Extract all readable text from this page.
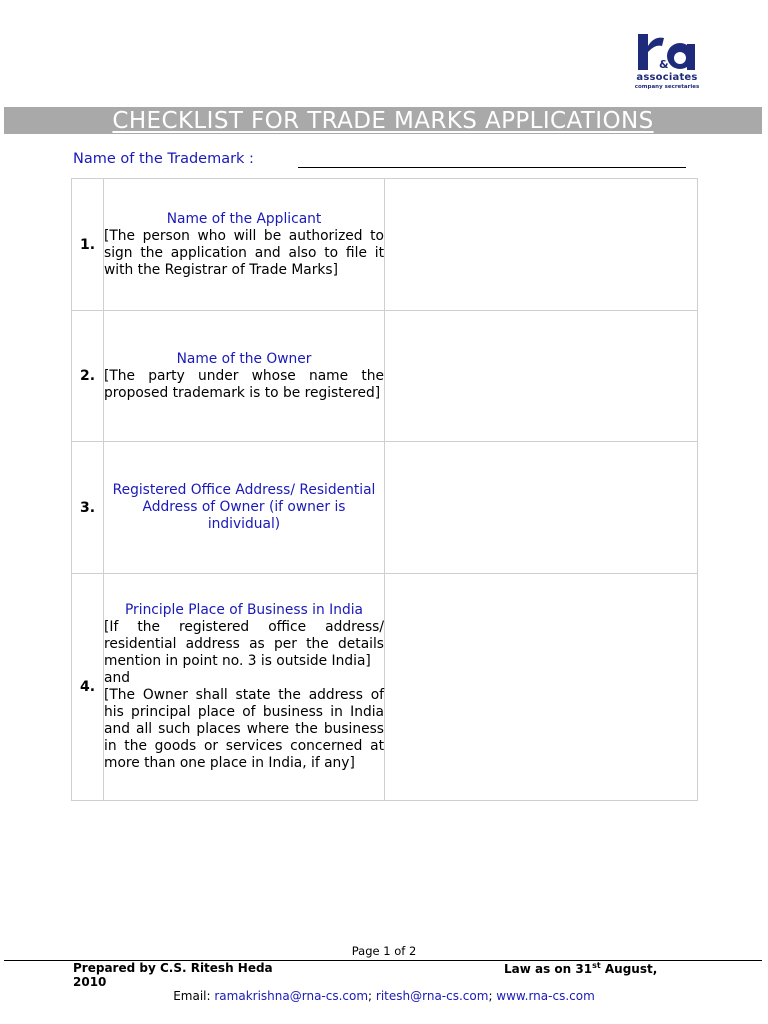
&
associates
company secretaries
CHECKLIST FOR TRADE MARKS APPLICATIONS
Name of the Trademark :
1.	Name of the Applicant
[The person who will be authorized to sign the application and also to file it with the Registrar of Trade Marks]	
2.	Name of the Owner
[The party under whose name the proposed trademark is to be registered]	
3.	Registered Office Address/ Residential Address of Owner (if owner is individual)	

4.	Principle Place of Business in India
[If the registered office address/ residential address as per the details mention in point no. 3 is outside India]
and
[The Owner shall state the address of his principal place of business in India and all such places where the business in the goods or services concerned at more than one place in India, if any]	

Page 1 of 2
Prepared by C.S. Ritesh Heda	Law as on 31st August,
2010
Email: ramakrishna@rna-cs.com; ritesh@rna-cs.com; www.rna-cs.com
